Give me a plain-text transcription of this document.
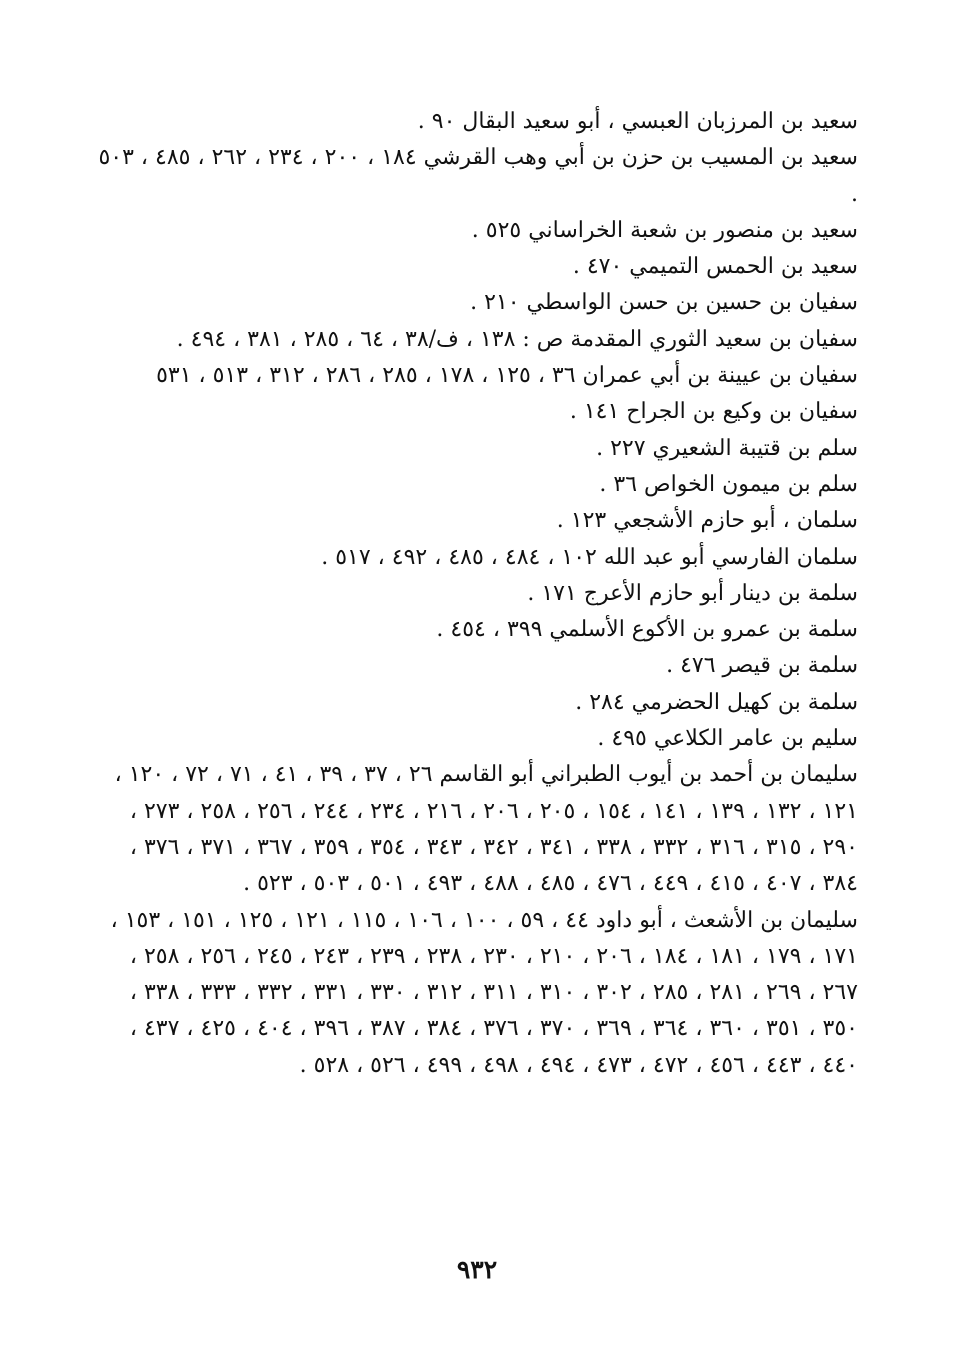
سعيد بن المرزبان العبسي ، أبو سعيد البقال ٩٠ .
سعيد بن المسيب بن حزن بن أبي وهب القرشي ١٨٤ ، ٢٠٠ ، ٢٣٤ ، ٢٦٢ ، ٤٨٥ ، ٥٠٣ .
سعيد بن منصور بن شعبة الخراساني ٥٢٥ .
سعيد بن الحمس التميمي ٤٧٠ .
سفيان بن حسين بن حسن الواسطي ٢١٠ .
سفيان بن سعيد الثوري المقدمة ص : ١٣٨ ، ف/٣٨ ، ٦٤ ، ٢٨٥ ، ٣٨١ ، ٤٩٤ .
سفيان بن عيينة بن أبي عمران ٣٦ ، ١٢٥ ، ١٧٨ ، ٢٨٥ ، ٢٨٦ ، ٣١٢ ، ٥١٣ ، ٥٣١
سفيان بن وكيع بن الجراح ١٤١ .
سلم بن قتيبة الشعيري ٢٢٧ .
سلم بن ميمون الخواص ٣٦ .
سلمان ، أبو حازم الأشجعي ١٢٣ .
سلمان الفارسي أبو عبد الله ١٠٢ ، ٤٨٤ ، ٤٨٥ ، ٤٩٢ ، ٥١٧ .
سلمة بن دينار أبو حازم الأعرج ١٧١ .
سلمة بن عمرو بن الأكوع الأسلمي ٣٩٩ ، ٤٥٤ .
سلمة بن قيصر ٤٧٦ .
سلمة بن كهيل الحضرمي ٢٨٤ .
سليم بن عامر الكلاعي ٤٩٥ .
سليمان بن أحمد بن أيوب الطبراني أبو القاسم ٢٦ ، ٣٧ ، ٣٩ ، ٤١ ، ٧١ ، ٧٢ ، ١٢٠ ، ١٢١ ، ١٣٢ ، ١٣٩ ، ١٤١ ، ١٥٤ ، ٢٠٥ ، ٢٠٦ ، ٢١٦ ، ٢٣٤ ، ٢٤٤ ، ٢٥٦ ، ٢٥٨ ، ٢٧٣ ، ٢٩٠ ، ٣١٥ ، ٣١٦ ، ٣٣٢ ، ٣٣٨ ، ٣٤١ ، ٣٤٢ ، ٣٤٣ ، ٣٥٤ ، ٣٥٩ ، ٣٦٧ ، ٣٧١ ، ٣٧٦ ، ٣٨٤ ، ٤٠٧ ، ٤١٥ ، ٤٤٩ ، ٤٧٦ ، ٤٨٥ ، ٤٨٨ ، ٤٩٣ ، ٥٠١ ، ٥٠٣ ، ٥٢٣ .
سليمان بن الأشعث ، أبو داود ٤٤ ، ٥٩ ، ١٠٠ ، ١٠٦ ، ١١٥ ، ١٢١ ، ١٢٥ ، ١٥١ ، ١٥٣ ، ١٧١ ، ١٧٩ ، ١٨١ ، ١٨٤ ، ٢٠٦ ، ٢١٠ ، ٢٣٠ ، ٢٣٨ ، ٢٣٩ ، ٢٤٣ ، ٢٤٥ ، ٢٥٦ ، ٢٥٨ ، ٢٦٧ ، ٢٦٩ ، ٢٨١ ، ٢٨٥ ، ٣٠٢ ، ٣١٠ ، ٣١١ ، ٣١٢ ، ٣٣٠ ، ٣٣١ ، ٣٣٢ ، ٣٣٣ ، ٣٣٨ ، ٣٥٠ ، ٣٥١ ، ٣٦٠ ، ٣٦٤ ، ٣٦٩ ، ٣٧٠ ، ٣٧٦ ، ٣٨٤ ، ٣٨٧ ، ٣٩٦ ، ٤٠٤ ، ٤٢٥ ، ٤٣٧ ، ٤٤٠ ، ٤٤٣ ، ٤٥٦ ، ٤٧٢ ، ٤٧٣ ، ٤٩٤ ، ٤٩٨ ، ٤٩٩ ، ٥٢٦ ، ٥٢٨ .
٩٣٢
